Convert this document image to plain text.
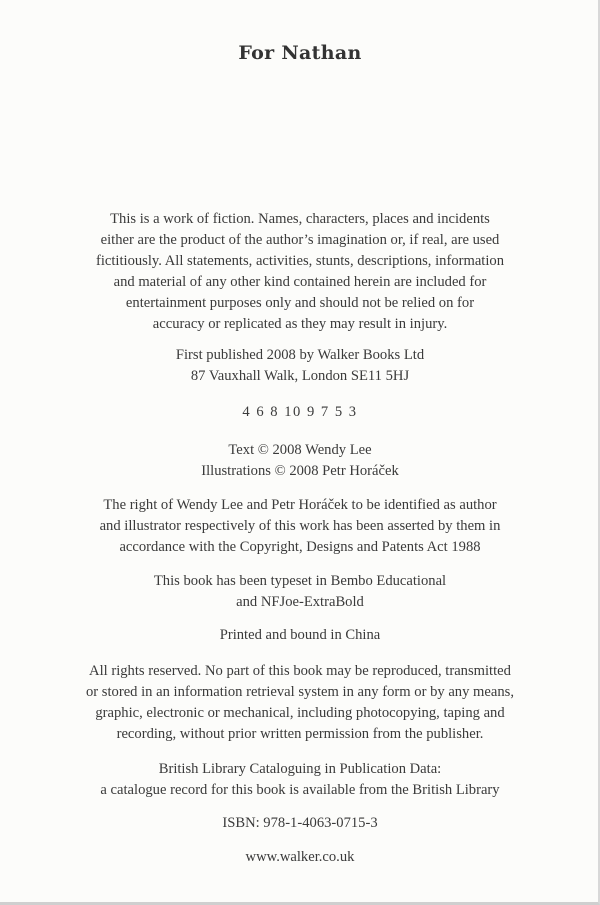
For Nathan
This is a work of fiction. Names, characters, places and incidents
either are the product of the author’s imagination or, if real, are used
fictitiously. All statements, activities, stunts, descriptions, information
and material of any other kind contained herein are included for
entertainment purposes only and should not be relied on for
accuracy or replicated as they may result in injury.
First published 2008 by Walker Books Ltd
87 Vauxhall Walk, London SE11 5HJ
4 6 8 10 9 7 5 3
Text © 2008 Wendy Lee
Illustrations © 2008 Petr Horáček
The right of Wendy Lee and Petr Horáček to be identified as author
and illustrator respectively of this work has been asserted by them in
accordance with the Copyright, Designs and Patents Act 1988
This book has been typeset in Bembo Educational
and NFJoe-ExtraBold
Printed and bound in China
All rights reserved. No part of this book may be reproduced, transmitted
or stored in an information retrieval system in any form or by any means,
graphic, electronic or mechanical, including photocopying, taping and
recording, without prior written permission from the publisher.
British Library Cataloguing in Publication Data:
a catalogue record for this book is available from the British Library
ISBN: 978-1-4063-0715-3
www.walker.co.uk
